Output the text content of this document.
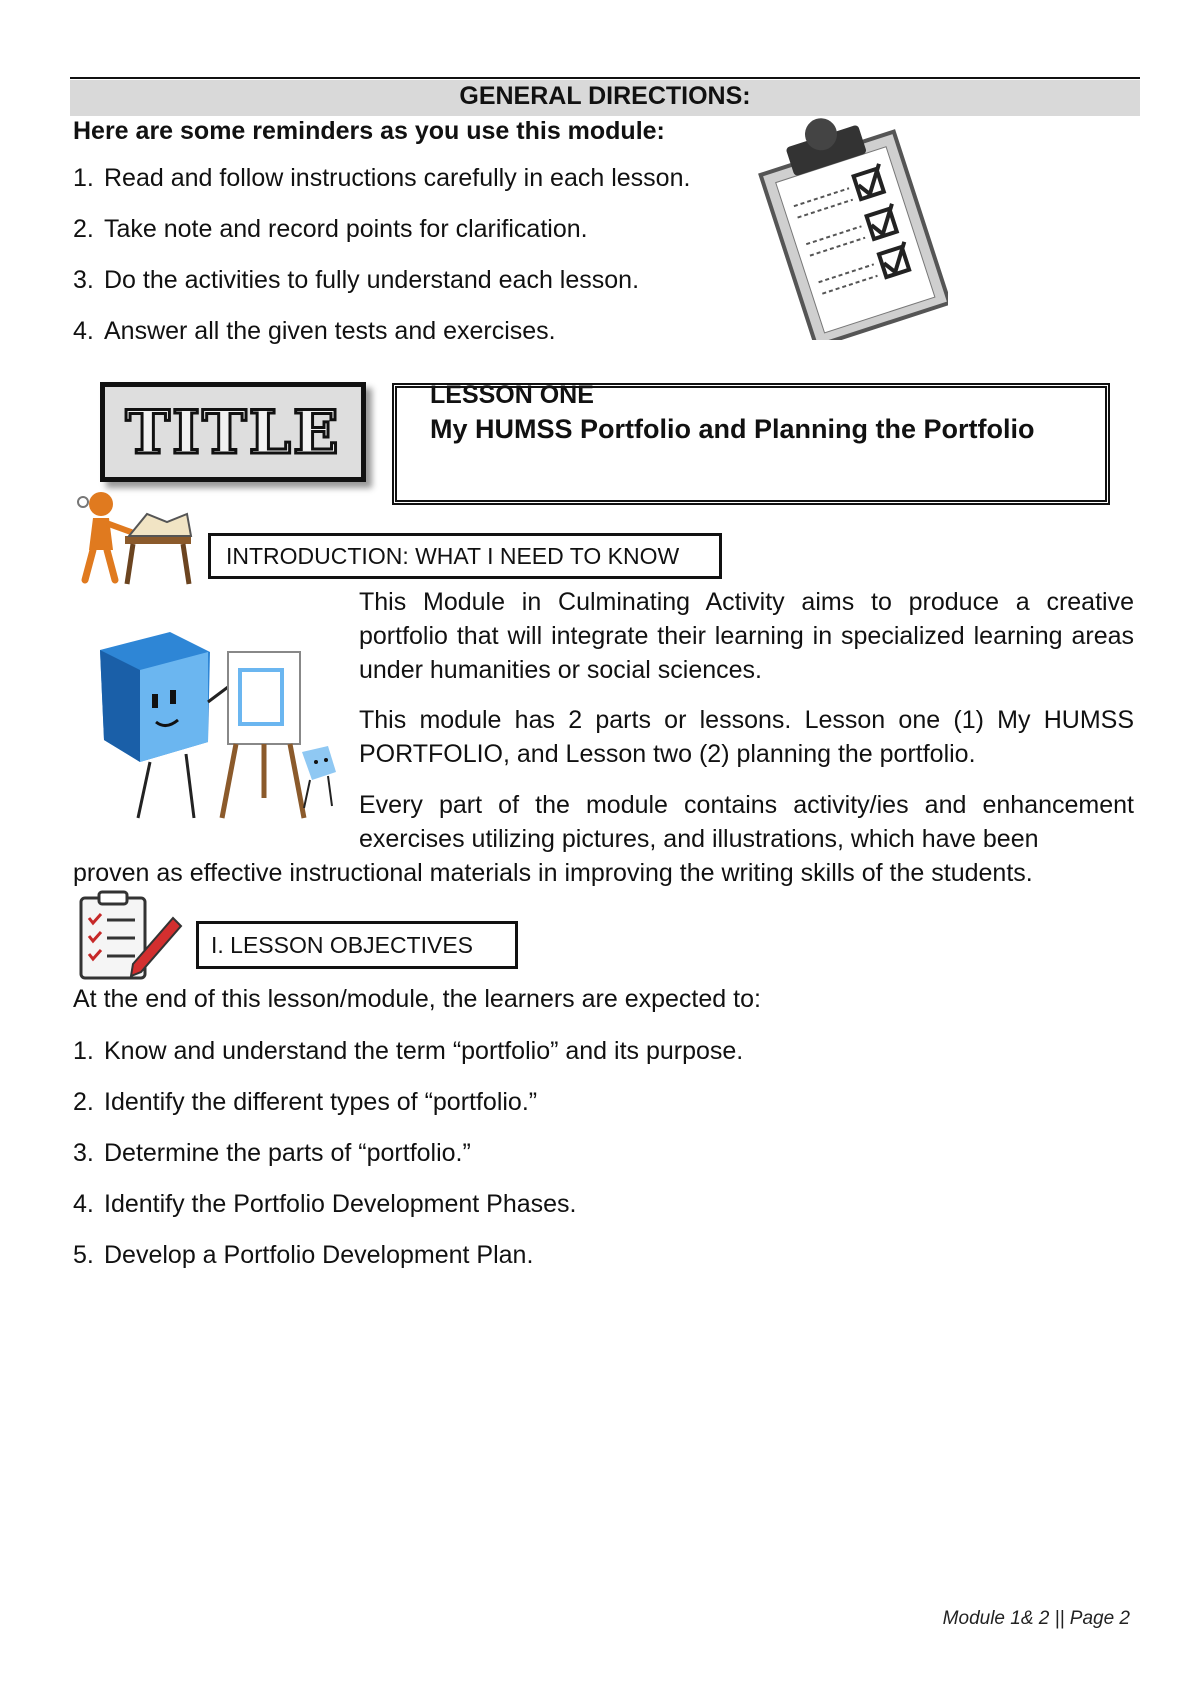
GENERAL DIRECTIONS:
Here are some reminders as you use this module:
1. Read and follow instructions carefully in each lesson.
2. Take note and record points for clarification.
3. Do the activities to fully understand each lesson.
4. Answer all the given tests and exercises.
TITLE
LESSON ONE
My HUMSS Portfolio and Planning the Portfolio
INTRODUCTION: WHAT I NEED TO KNOW

This Module in Culminating Activity aims to produce a creative portfolio that will integrate their learning in specialized learning areas under humanities or social sciences.

This module has 2 parts or lessons. Lesson one (1) My HUMSS PORTFOLIO, and Lesson two (2) planning the portfolio.

Every part of the module contains activity/ies and enhancement exercises utilizing pictures, and illustrations, which have been

proven as effective instructional materials in improving the writing skills of the students.
I. LESSON OBJECTIVES
At the end of this lesson/module, the learners are expected to:
1. Know and understand the term “portfolio” and its purpose.
2. Identify the different types of “portfolio.”
3. Determine the parts of “portfolio.”
4. Identify the Portfolio Development Phases.
5. Develop a Portfolio Development Plan.
Module 1& 2 || Page 2
